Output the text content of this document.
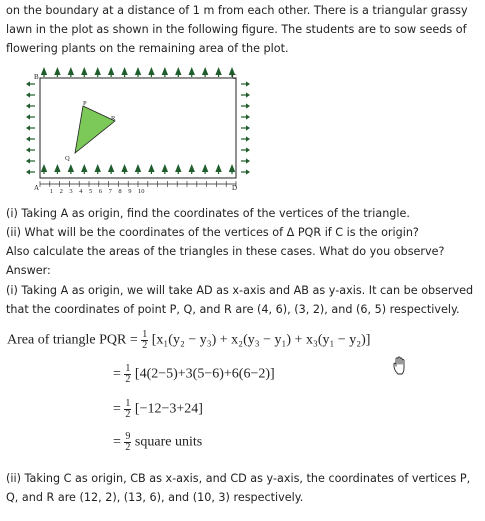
on the boundary at a distance of 1 m from each other. There is a triangular grassy
lawn in the plot as shown in the following figure. The students are to sow seeds of
flowering plants on the remaining area of the plot.
1 2 3 4 5 6 7 8 9 10
B	C
A	D
P
Q
R
(i) Taking A as origin, find the coordinates of the vertices of the triangle.
(ii) What will be the coordinates of the vertices of Δ PQR if C is the origin?
Also calculate the areas of the triangles in these cases. What do you observe?
Answer:
(i) Taking A as origin, we will take AD as x-axis and AB as y-axis. It can be observed
that the coordinates of point P, Q, and R are (4, 6), (3, 2), and (6, 5) respectively.
Area of triangle PQR = $\frac{1}{2} [x_1(y_2 - y_3) + x_2(y_3 - y_1) + x_3(y_1 - y_2)]$
= $\frac{1}{2} [4(2-5)+3(5-6)+6(6-2)]$
= $\frac{1}{2} [-12-3+24]$
= $\frac{9}{2}$ square units
(ii) Taking C as origin, CB as x-axis, and CD as y-axis, the coordinates of vertices P,
Q, and R are (12, 2), (13, 6), and (10, 3) respectively.
